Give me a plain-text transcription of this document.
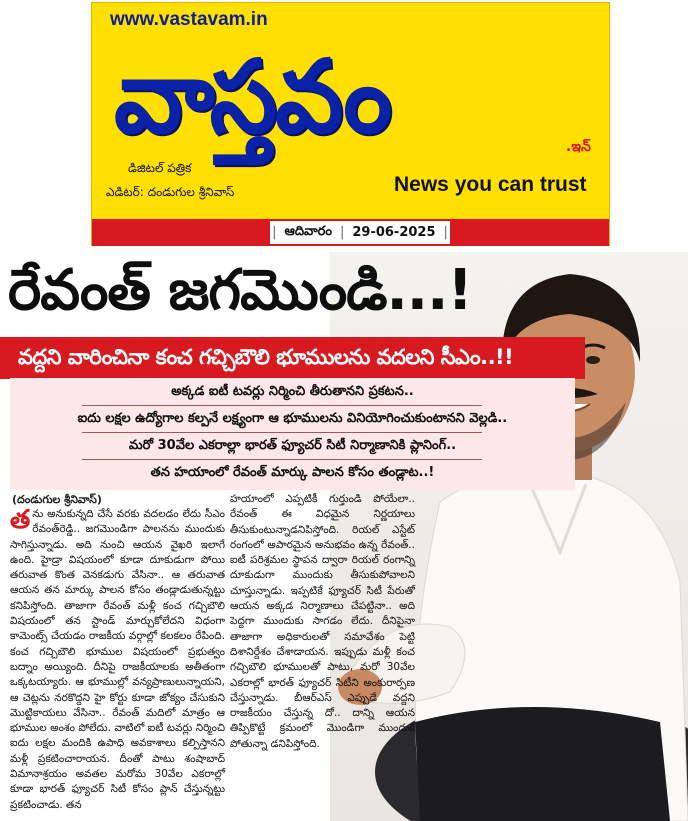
www.vastavam.in
వాస్తవం	.ఇన్
డిజిటల్ పత్రిక
ఎడిటర్: దండుగుల శ్రీనివాస్	News you can trust
| ఆదివారం | 29-06-2025 |
రేవంత్ జగమొండి...!
వద్దని వారించినా కంచ గచ్చిబౌలి భూములను వదలని సీఎం..!!
అక్కడ ఐటీ టవర్లు నిర్మించి తీరుతానని ప్రకటన..
ఐదు లక్షల ఉద్యోగాల కల్పనే లక్ష్యంగా ఆ భూములను వినియోగించుకుంటానని వెల్లడి..
మరో 30వేల ఎకరాల్లా భారత్ ఫ్యూచర్ సిటీ నిర్మాణానికి ప్లానింగ్..
తన హయాంలో రేవంత్ మార్కు పాలన కోసం తండ్లాట..!
(దండుగుల శ్రీనివాస్)

త ను అనుకున్నది చేసే వరకు వదలడం లేదు సీఎం రేవంత్‌రెడ్డి.. జగమొండిగా పాలనను ముందుకు సాగిస్తున్నాడు. అది నుంచి ఆయన వైఖరి ఇలాగే ఉంది. హైడ్రా విషయంలో కూడా దూకుడుగా పోయి తరువాత కొంత వెనకడుగు వేసినా.. ఆ తరువాత ఆయన తన మార్కు పాలన కోసం తండ్లాడుతున్నట్టు కనిపిస్తోంది. తాజాగా రేవంత్ మళ్లీ కంచ గచ్చిబౌలి విషయంలో తన స్టాండ్ మార్చుకోలేదని విధంగా కామెంట్స్ చేయడం రాజకీయ వర్గాల్లో కలకలం రేపింది. కంచ గచ్చిబౌలి భూముల విషయంలో ప్రభుత్వం బద్నాం అయ్యింది. దీనిపై రాజకీయాలకు అతీతంగా ఒక్కటయ్యారు. ఆ భూముల్లో వన్యప్రాణులున్నాయని, ఆ చెట్లను నరకొద్దని హై కోర్టు కూడా జోక్యం చేసుకుని మొట్టికాయలు వేసినా.. రేవంత్ మదిలో మాత్రం ఆ భూముల అంశం పోలేదు. వాటిలో ఐటీ టవర్లు నిర్మించి ఐదు లక్షల మందికి ఉపాధి అవకాశాలు కల్పిస్తానని మళ్లీ ప్రకటించారాయన. దీంతో పాటు శంషాబాద్ విమానాశ్రయం అవతల మరోమ 30వేల ఎకరాల్లో కూడా భారత్ ఫ్యూచర్ సిటీ కోసం ప్లాన్ చేస్తున్నట్టు ప్రకటించాడు. తన

హయాంలో ఎప్పటికీ గుర్తుండి పోయేలా.. రేవంత్ ఈ విధమైన నిర్ణయాలు తీసుకుంటున్నాడనిపిస్తోంది. రియల్ ఎస్టేట్ రంగంలో అపారమైన అనుభవం ఉన్న రేవంత్.. ఐటీ పరిశ్రమల స్థాపన ద్వారా రియల్ రంగాన్ని దూకుడుగా ముందుకు తీసుకుపోవాలని చూస్తున్నాడు. ఇప్పటికే ఫ్యూచర్ సిటీ పేరుతో ఆయన అక్కడ నిర్మాణాలు చేపట్టినా.. అది పెద్దగా ముందుకు సాగడం లేదు. దీనిపైనా తాజాగా అధికారులతో సమావేశం పెట్టి దిశానిర్దేశం చేశాడాయన. ఇప్పుడు మళ్లీ కంచ గచ్చిబౌలి భూములతో పాటు, మరో 30వేల ఎకరాల్లో భారత్ ఫ్యూచర్ సిటీని అంకురార్పణ చేస్తున్నాడు. బీఆర్ఎస్ ఎప్పుడే వద్దని రాజకీయం చేస్తున్న దో.. దాన్ని ఆయన తిప్పికొట్టే క్రమంలో మొండిగా ముందుకే పోతున్నా డనిపిస్తోంది.
